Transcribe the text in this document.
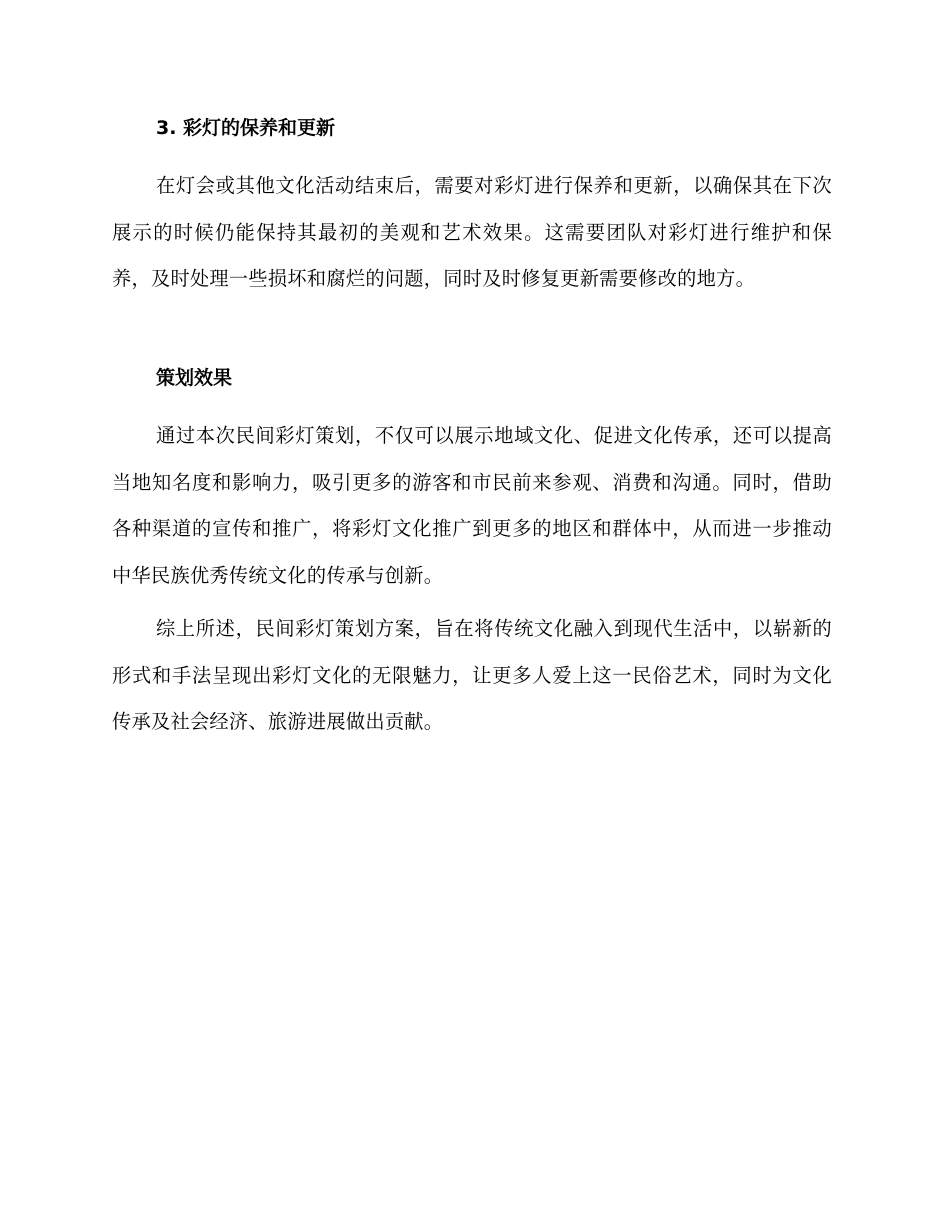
3. 彩灯的保养和更新

在灯会或其他文化活动结束后，需要对彩灯进行保养和更新，以确保其在下次展示的时候仍能保持其最初的美观和艺术效果。这需要团队对彩灯进行维护和保养，及时处理一些损坏和腐烂的问题，同时及时修复更新需要修改的地方。

策划效果

通过本次民间彩灯策划，不仅可以展示地域文化、促进文化传承，还可以提高当地知名度和影响力，吸引更多的游客和市民前来参观、消费和沟通。同时，借助各种渠道的宣传和推广，将彩灯文化推广到更多的地区和群体中，从而进一步推动中华民族优秀传统文化的传承与创新。

综上所述，民间彩灯策划方案，旨在将传统文化融入到现代生活中，以崭新的形式和手法呈现出彩灯文化的无限魅力，让更多人爱上这一民俗艺术，同时为文化传承及社会经济、旅游进展做出贡献。
